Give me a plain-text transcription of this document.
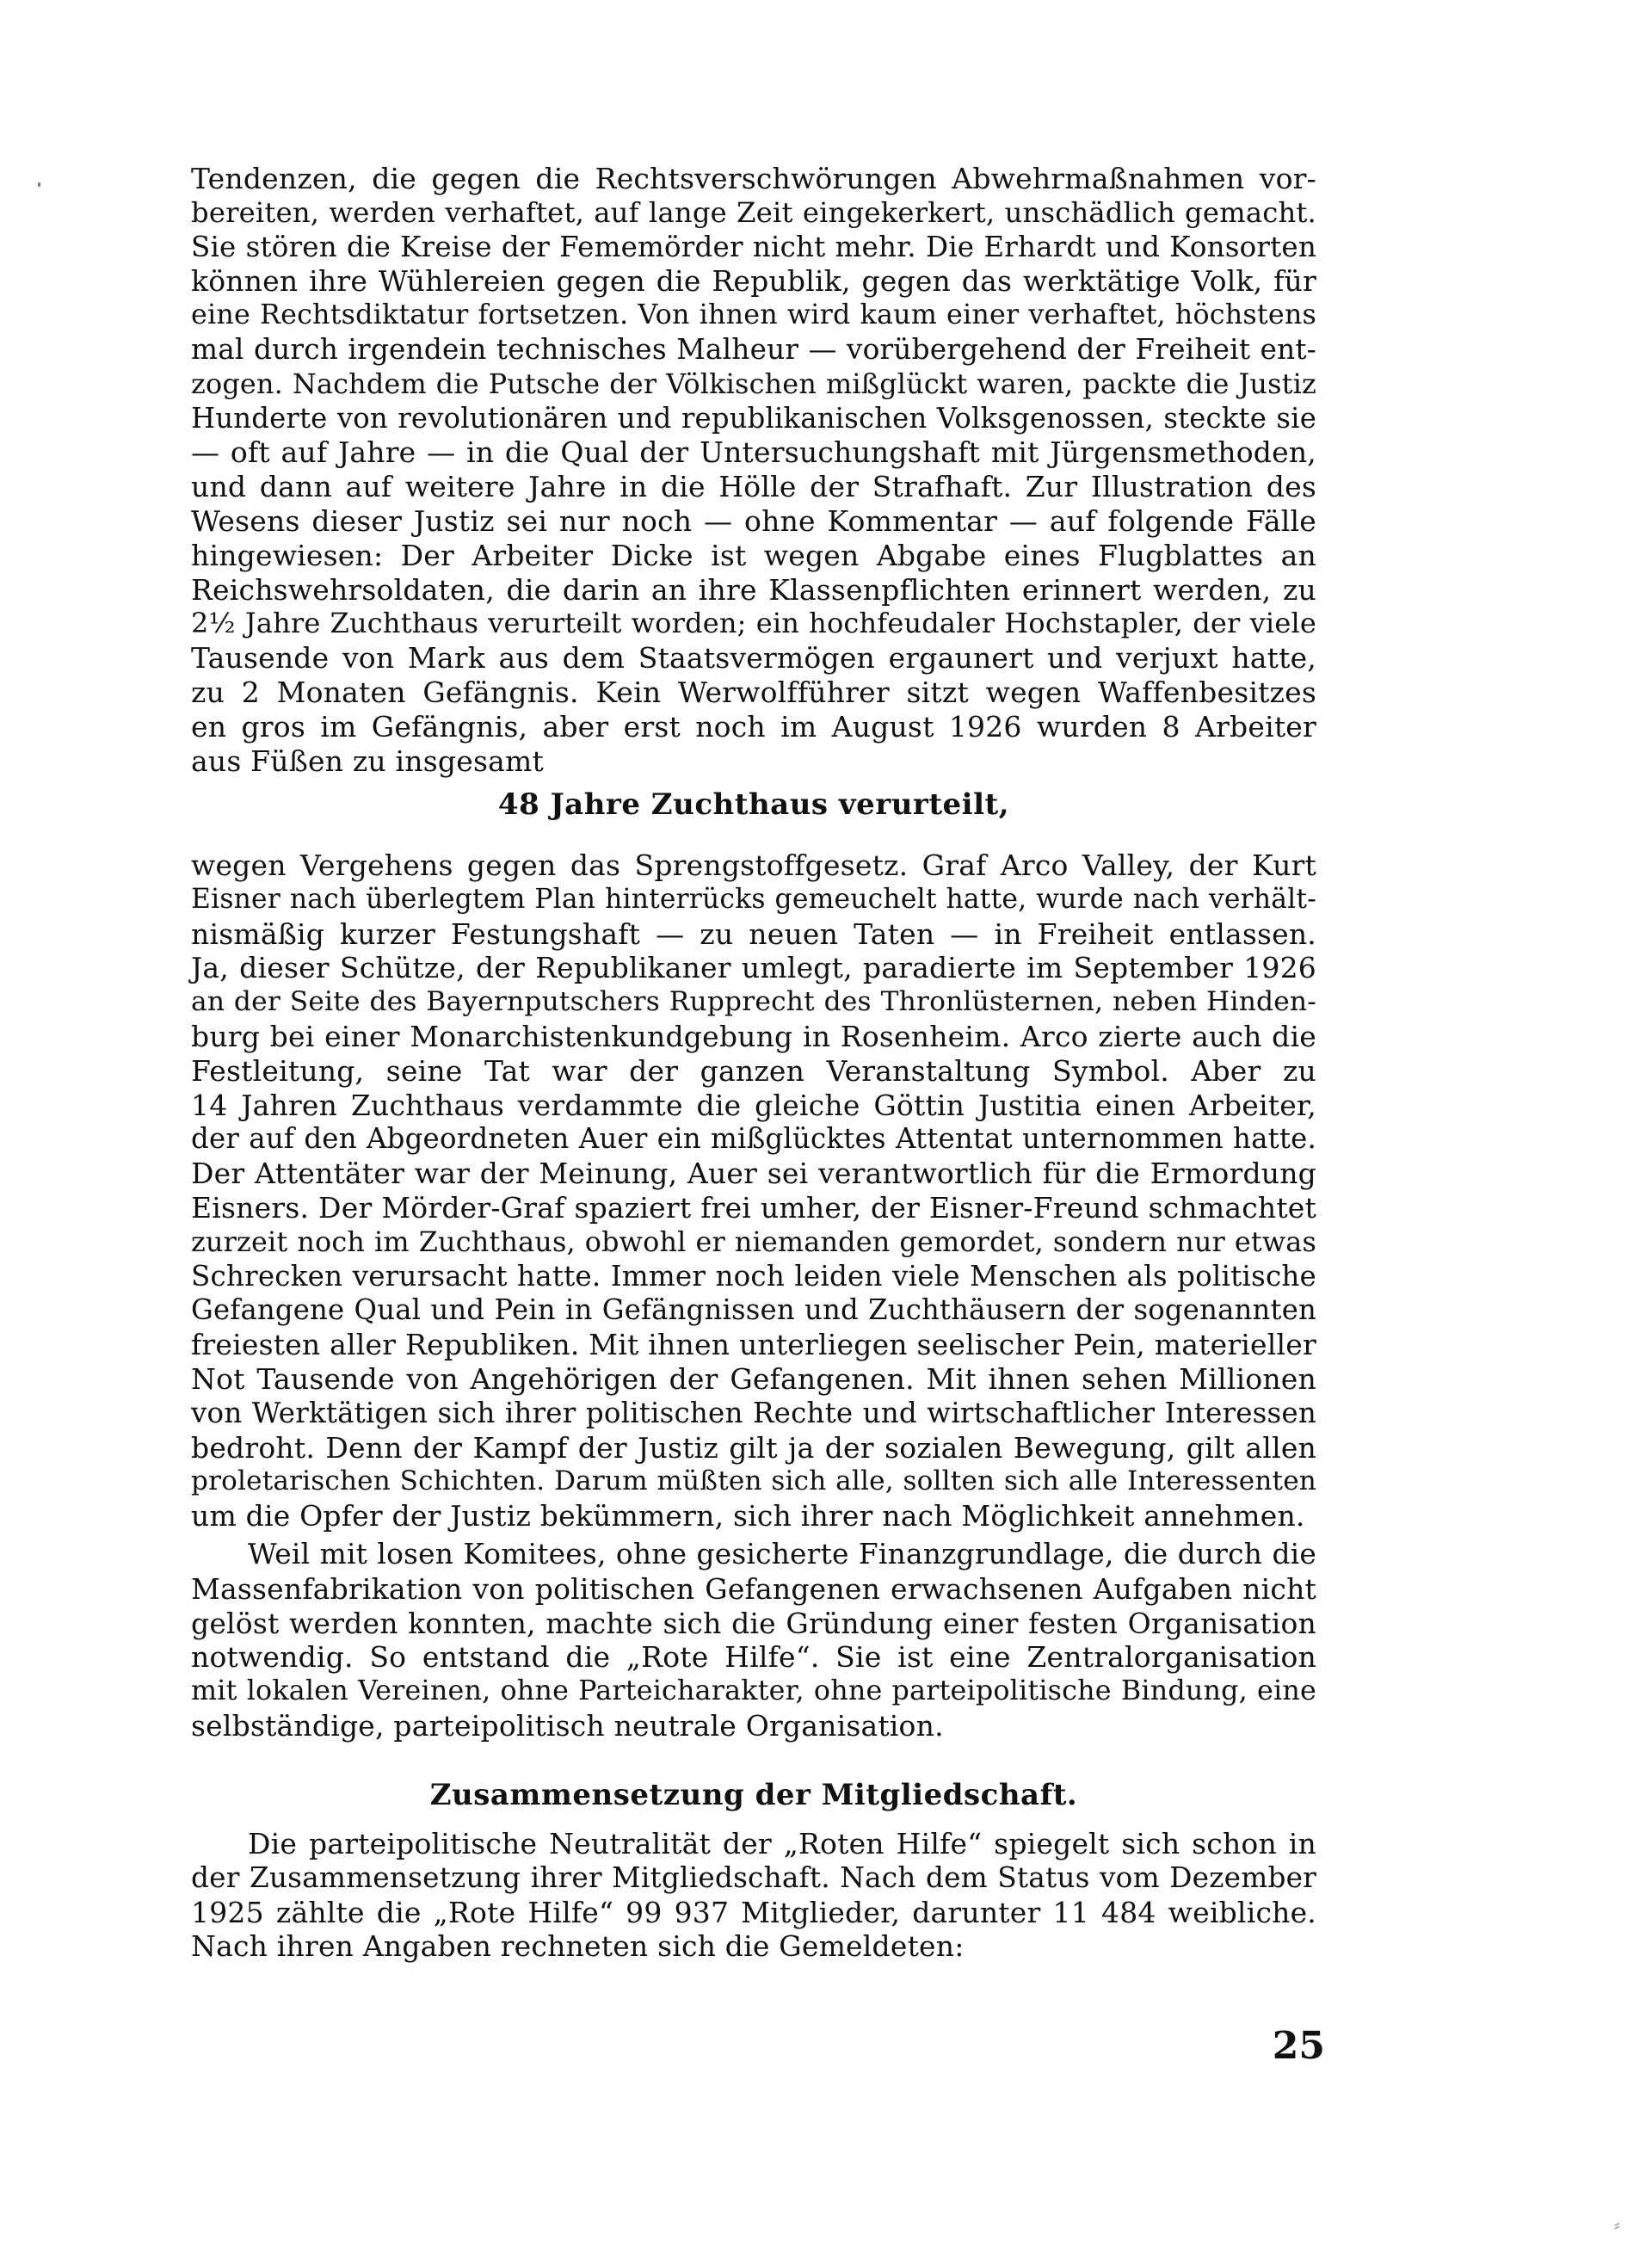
Tendenzen, die gegen die Rechtsverschwörungen Abwehrmaßnahmen vor-
bereiten, werden verhaftet, auf lange Zeit eingekerkert, unschädlich gemacht.
Sie stören die Kreise der Fememörder nicht mehr. Die Erhardt und Konsorten
können ihre Wühlereien gegen die Republik, gegen das werktätige Volk, für
eine Rechtsdiktatur fortsetzen. Von ihnen wird kaum einer verhaftet, höchstens
mal durch irgendein technisches Malheur — vorübergehend der Freiheit ent-
zogen. Nachdem die Putsche der Völkischen mißglückt waren, packte die Justiz
Hunderte von revolutionären und republikanischen Volksgenossen, steckte sie
— oft auf Jahre — in die Qual der Untersuchungshaft mit Jürgensmethoden,
und dann auf weitere Jahre in die Hölle der Strafhaft. Zur Illustration des
Wesens dieser Justiz sei nur noch — ohne Kommentar — auf folgende Fälle
hingewiesen: Der Arbeiter Dicke ist wegen Abgabe eines Flugblattes an
Reichswehrsoldaten, die darin an ihre Klassenpflichten erinnert werden, zu
2½ Jahre Zuchthaus verurteilt worden; ein hochfeudaler Hochstapler, der viele
Tausende von Mark aus dem Staatsvermögen ergaunert und verjuxt hatte,
zu 2 Monaten Gefängnis. Kein Werwolfführer sitzt wegen Waffenbesitzes
en gros im Gefängnis, aber erst noch im August 1926 wurden 8 Arbeiter
aus Füßen zu insgesamt
48 Jahre Zuchthaus verurteilt,
wegen Vergehens gegen das Sprengstoffgesetz. Graf Arco Valley, der Kurt
Eisner nach überlegtem Plan hinterrücks gemeuchelt hatte, wurde nach verhält-
nismäßig kurzer Festungshaft — zu neuen Taten — in Freiheit entlassen.
Ja, dieser Schütze, der Republikaner umlegt, paradierte im September 1926
an der Seite des Bayernputschers Rupprecht des Thronlüsternen, neben Hinden-
burg bei einer Monarchistenkundgebung in Rosenheim. Arco zierte auch die
Festleitung, seine Tat war der ganzen Veranstaltung Symbol. Aber zu
14 Jahren Zuchthaus verdammte die gleiche Göttin Justitia einen Arbeiter,
der auf den Abgeordneten Auer ein mißglücktes Attentat unternommen hatte.
Der Attentäter war der Meinung, Auer sei verantwortlich für die Ermordung
Eisners. Der Mörder-Graf spaziert frei umher, der Eisner-Freund schmachtet
zurzeit noch im Zuchthaus, obwohl er niemanden gemordet, sondern nur etwas
Schrecken verursacht hatte. Immer noch leiden viele Menschen als politische
Gefangene Qual und Pein in Gefängnissen und Zuchthäusern der sogenannten
freiesten aller Republiken. Mit ihnen unterliegen seelischer Pein, materieller
Not Tausende von Angehörigen der Gefangenen. Mit ihnen sehen Millionen
von Werktätigen sich ihrer politischen Rechte und wirtschaftlicher Interessen
bedroht. Denn der Kampf der Justiz gilt ja der sozialen Bewegung, gilt allen
proletarischen Schichten. Darum müßten sich alle, sollten sich alle Interessenten
um die Opfer der Justiz bekümmern, sich ihrer nach Möglichkeit annehmen.
Weil mit losen Komitees, ohne gesicherte Finanzgrundlage, die durch die
Massenfabrikation von politischen Gefangenen erwachsenen Aufgaben nicht
gelöst werden konnten, machte sich die Gründung einer festen Organisation
notwendig. So entstand die „Rote Hilfe“. Sie ist eine Zentralorganisation
mit lokalen Vereinen, ohne Parteicharakter, ohne parteipolitische Bindung, eine
selbständige, parteipolitisch neutrale Organisation.
Zusammensetzung der Mitgliedschaft.
Die parteipolitische Neutralität der „Roten Hilfe“ spiegelt sich schon in
der Zusammensetzung ihrer Mitgliedschaft. Nach dem Status vom Dezember
1925 zählte die „Rote Hilfe“ 99 937 Mitglieder, darunter 11 484 weibliche.
Nach ihren Angaben rechneten sich die Gemeldeten:
25
⸗
